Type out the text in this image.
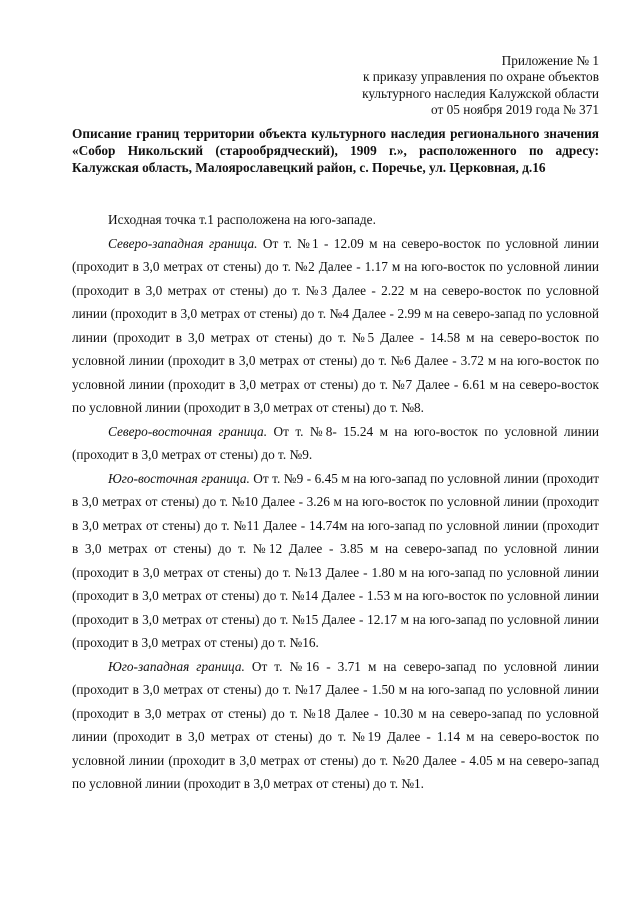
Приложение № 1
к приказу управления по охране объектов
культурного наследия Калужской области
от 05 ноября 2019 года № 371
Описание границ территории объекта культурного наследия регионального значения «Собор Никольский (старообрядческий), 1909 г.», расположенного по адресу: Калужская область, Малоярославецкий район, с. Поречье, ул. Церковная, д.16

Исходная точка т.1 расположена на юго-западе.

Северо-западная граница. От т. №1 - 12.09 м на северо-восток по условной линии (проходит в 3,0 метрах от стены) до т. №2 Далее - 1.17 м на юго-восток по условной линии (проходит в 3,0 метрах от стены) до т. №3 Далее - 2.22 м на северо-восток по условной линии (проходит в 3,0 метрах от стены) до т. №4 Далее - 2.99 м на северо-запад по условной линии (проходит в 3,0 метрах от стены) до т. №5 Далее - 14.58 м на северо-восток по условной линии (проходит в 3,0 метрах от стены) до т. №6 Далее - 3.72 м на юго-восток по условной линии (проходит в 3,0 метрах от стены) до т. №7 Далее - 6.61 м на северо-восток по условной линии (проходит в 3,0 метрах от стены) до т. №8.

Северо-восточная граница. От т. №8- 15.24 м на юго-восток по условной линии (проходит в 3,0 метрах от стены) до т. №9.

Юго-восточная граница. От т. №9 - 6.45 м на юго-запад по условной линии (проходит в 3,0 метрах от стены) до т. №10 Далее - 3.26 м на юго-восток по условной линии (проходит в 3,0 метрах от стены) до т. №11 Далее - 14.74м на юго-запад по условной линии (проходит в 3,0 метрах от стены) до т. №12 Далее - 3.85 м на северо-запад по условной линии (проходит в 3,0 метрах от стены) до т. №13 Далее - 1.80 м на юго-запад по условной линии (проходит в 3,0 метрах от стены) до т. №14 Далее - 1.53 м на юго-восток по условной линии (проходит в 3,0 метрах от стены) до т. №15 Далее - 12.17 м на юго-запад по условной линии (проходит в 3,0 метрах от стены) до т. №16.

Юго-западная граница. От т. №16 - 3.71 м на северо-запад по условной линии (проходит в 3,0 метрах от стены) до т. №17 Далее - 1.50 м на юго-запад по условной линии (проходит в 3,0 метрах от стены) до т. №18 Далее - 10.30 м на северо-запад по условной линии (проходит в 3,0 метрах от стены) до т. №19 Далее - 1.14 м на северо-восток по условной линии (проходит в 3,0 метрах от стены) до т. №20 Далее - 4.05 м на северо-запад по условной линии (проходит в 3,0 метрах от стены) до т. №1.
